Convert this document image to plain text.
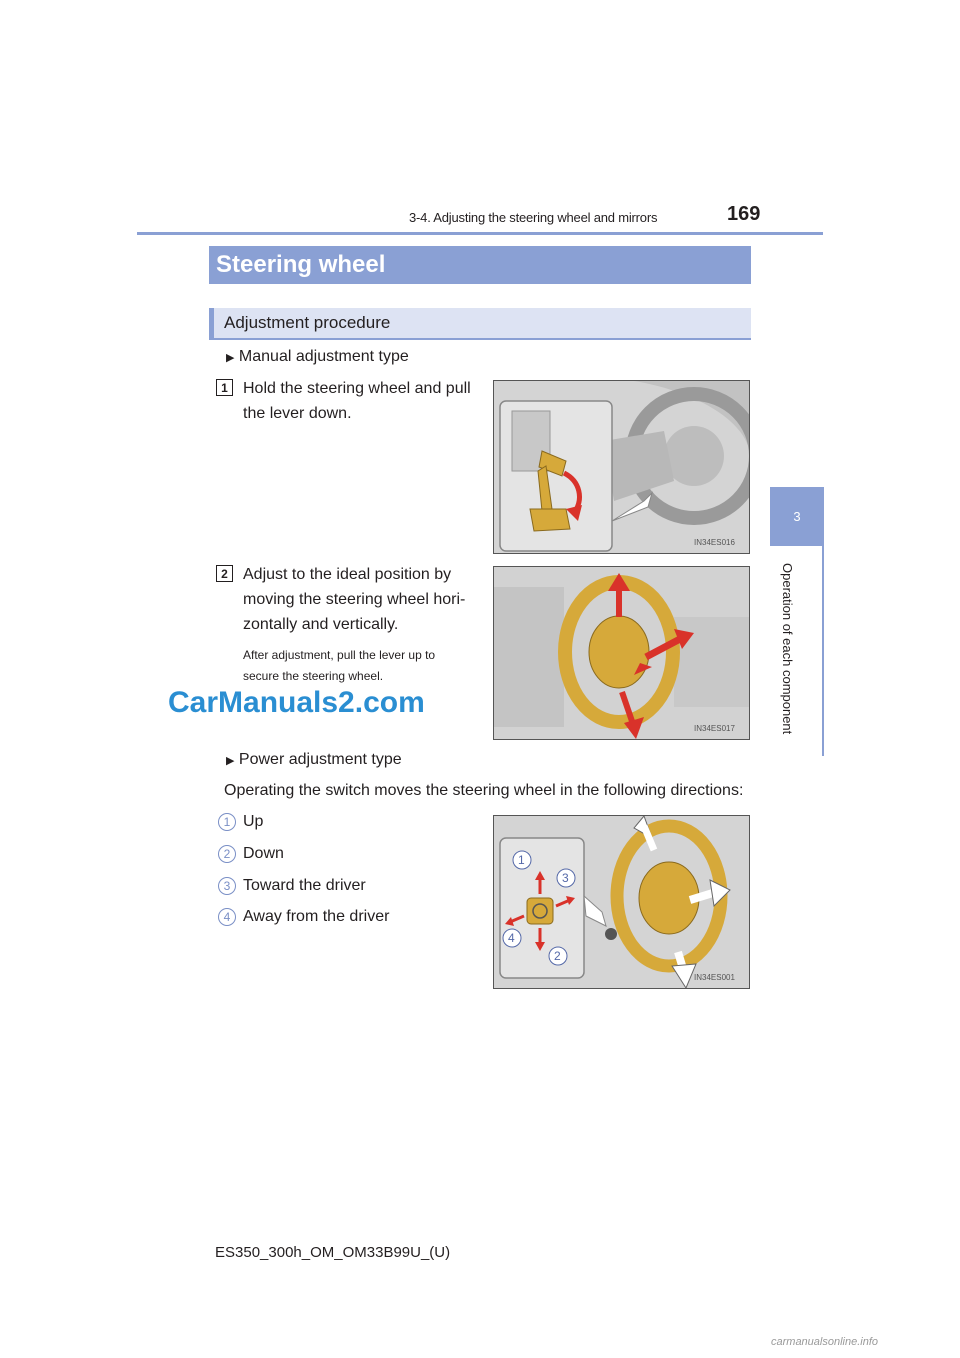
3-4. Adjusting the steering wheel and mirrors	169
3
Operation of each component
Steering wheel
Adjustment procedure
▶ Manual adjustment type
1 Hold the steering wheel and pull
the lever down.
2 Adjust to the ideal position by
moving the steering wheel hori-
zontally and vertically.
After adjustment, pull the lever up to
secure the steering wheel.
IN34ES016
IN34ES017
CarManuals2.com
▶ Power adjustment type
Operating the switch moves the steering wheel in the following directions:
1 Up
2 Down
3 Toward the driver
4 Away from the driver
1
2
3
4
IN34ES001
ES350_300h_OM_OM33B99U_(U)
carmanualsonline.info
